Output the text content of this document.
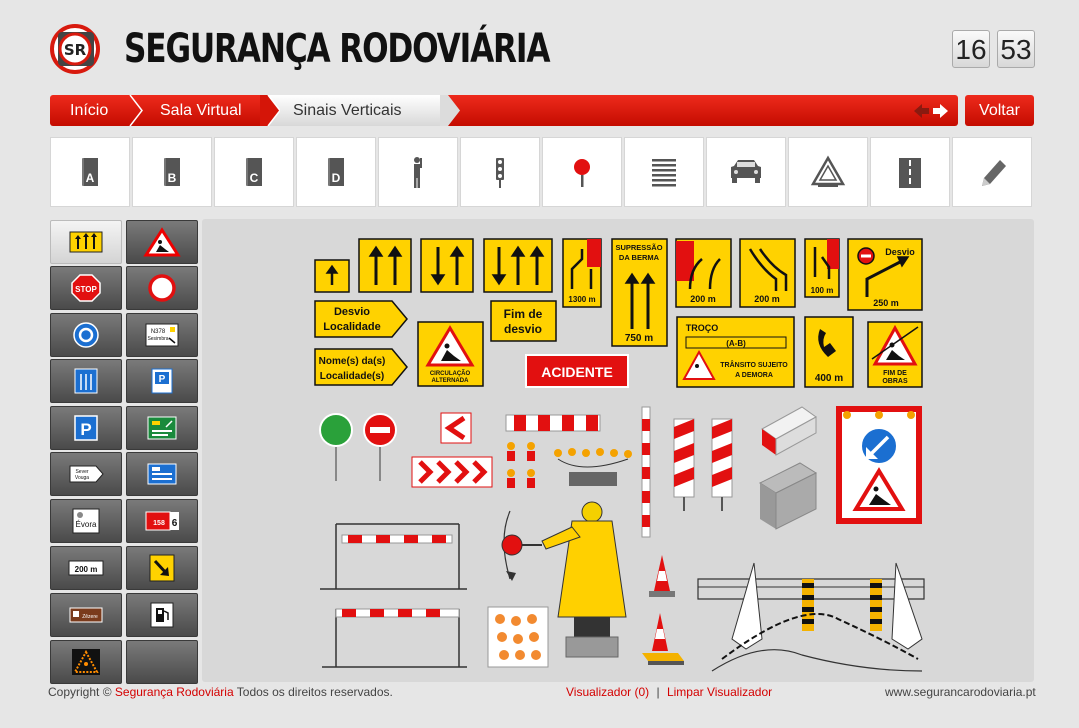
SR SEGURANÇA RODOVIÁRIA	16 53
Início	Sala Virtual	Sinais Verticais	Voltar
A	B	C	D
STOP
N378
Sesimbra
P
P
Sever
Vouga
Évora	158 6
200 m
Zêzere
1300 m
SUPRESSÃO
DA BERMA
750 m
200 m	200 m
100 m
Desvio
250 m
Desvio
Localidade
Nome(s) da(s)
Localidade(s)	CIRCULAÇÃO
ALTERNADA
Fim de
desvio
ACIDENTE
TROÇO
(A-B)
TRÂNSITO SUJEITO
A DEMORA	400 m	FIM DE
OBRAS
Copyright © Segurança Rodoviária Todos os direitos reservados.	Visualizador (0) | Limpar Visualizador	www.segurancarodoviaria.pt
